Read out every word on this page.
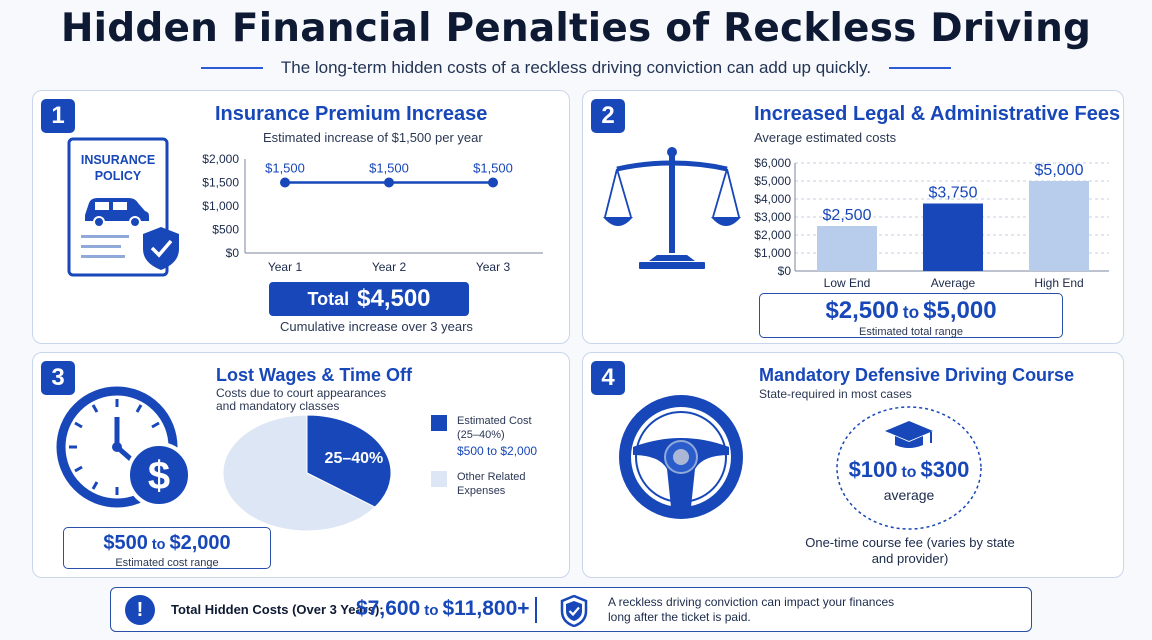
Hidden Financial Penalties of Reckless Driving
The long-term hidden costs of a reckless driving conviction can add up quickly.
1	Insurance Premium Increase
Estimated increase of $1,500 per year
INSURANCE
POLICY
$0
$500
$1,000
$1,500
$2,000
$1,500
Year 1
$1,500
Year 2
$1,500
Year 3
Total $4,500
Cumulative increase over 3 years
2	Increased Legal & Administrative Fees
Average estimated costs
$0
$1,000
$2,000
$3,000
$4,000
$5,000
$6,000
$2,500
Low End
$3,750
Average
$5,000
High End
$2,500 to $5,000
Estimated total range
3	Lost Wages & Time Off
Costs due to court appearances
and mandatory classes
$	25–40%
Estimated Cost
(25–40%)
$500 to $2,000
Other Related
Expenses
$500 to $2,000
Estimated cost range
4	Mandatory Defensive Driving Course
State-required in most cases
$100 to $300
average
One-time course fee (varies by state
and provider)
!	Total Hidden Costs (Over 3 Years):
$7,600 to $11,800+	A reckless driving conviction can impact your finances
long after the ticket is paid.
